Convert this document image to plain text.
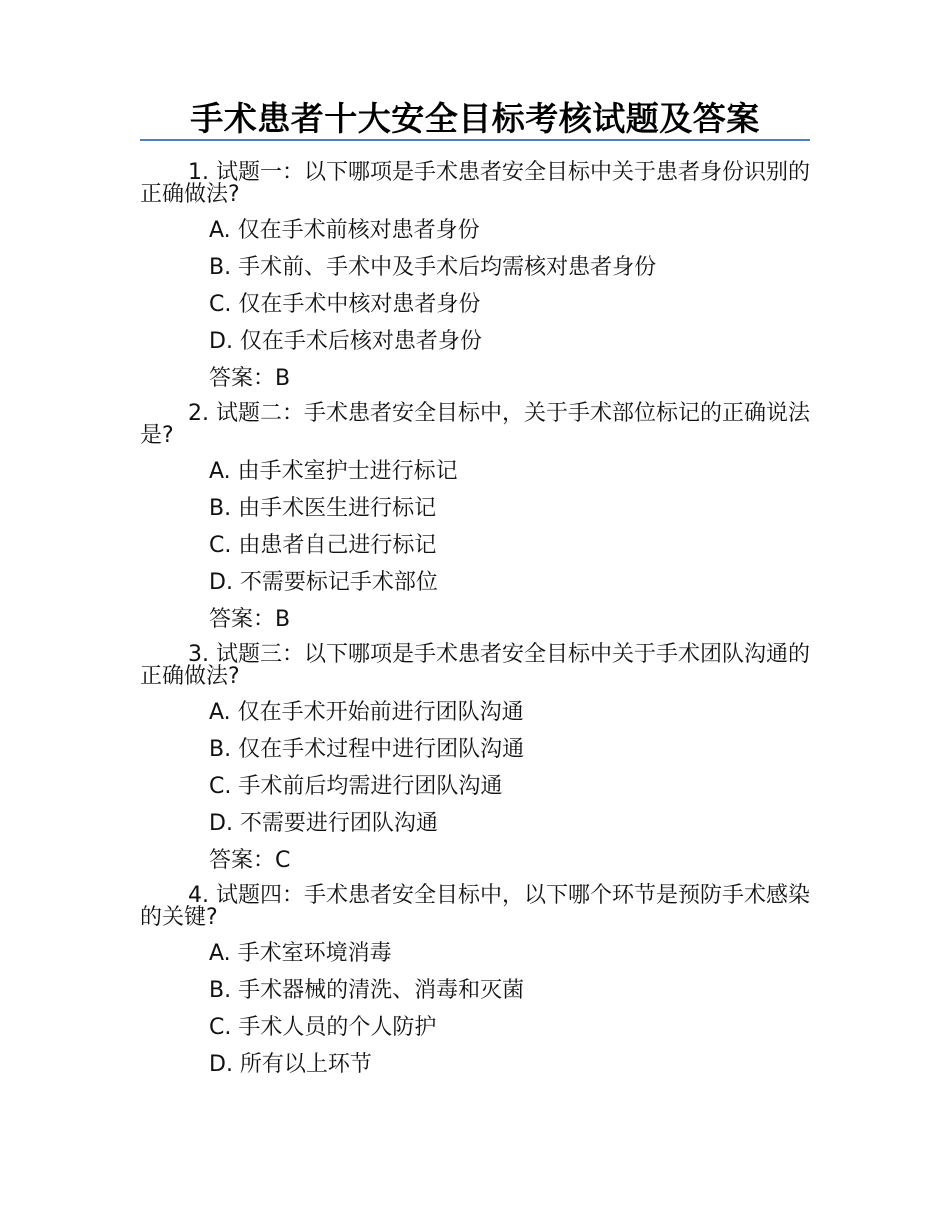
手术患者十大安全目标考核试题及答案

1. 试题一：以下哪项是手术患者安全目标中关于患者身份识别的正确做法?

A. 仅在手术前核对患者身份
B. 手术前、手术中及手术后均需核对患者身份
C. 仅在手术中核对患者身份
D. 仅在手术后核对患者身份
答案：B

2. 试题二：手术患者安全目标中，关于手术部位标记的正确说法是?

A. 由手术室护士进行标记
B. 由手术医生进行标记
C. 由患者自己进行标记
D. 不需要标记手术部位
答案：B

3. 试题三：以下哪项是手术患者安全目标中关于手术团队沟通的正确做法?

A. 仅在手术开始前进行团队沟通
B. 仅在手术过程中进行团队沟通
C. 手术前后均需进行团队沟通
D. 不需要进行团队沟通
答案：C

4. 试题四：手术患者安全目标中，以下哪个环节是预防手术感染的关键?

A. 手术室环境消毒
B. 手术器械的清洗、消毒和灭菌
C. 手术人员的个人防护
D. 所有以上环节
